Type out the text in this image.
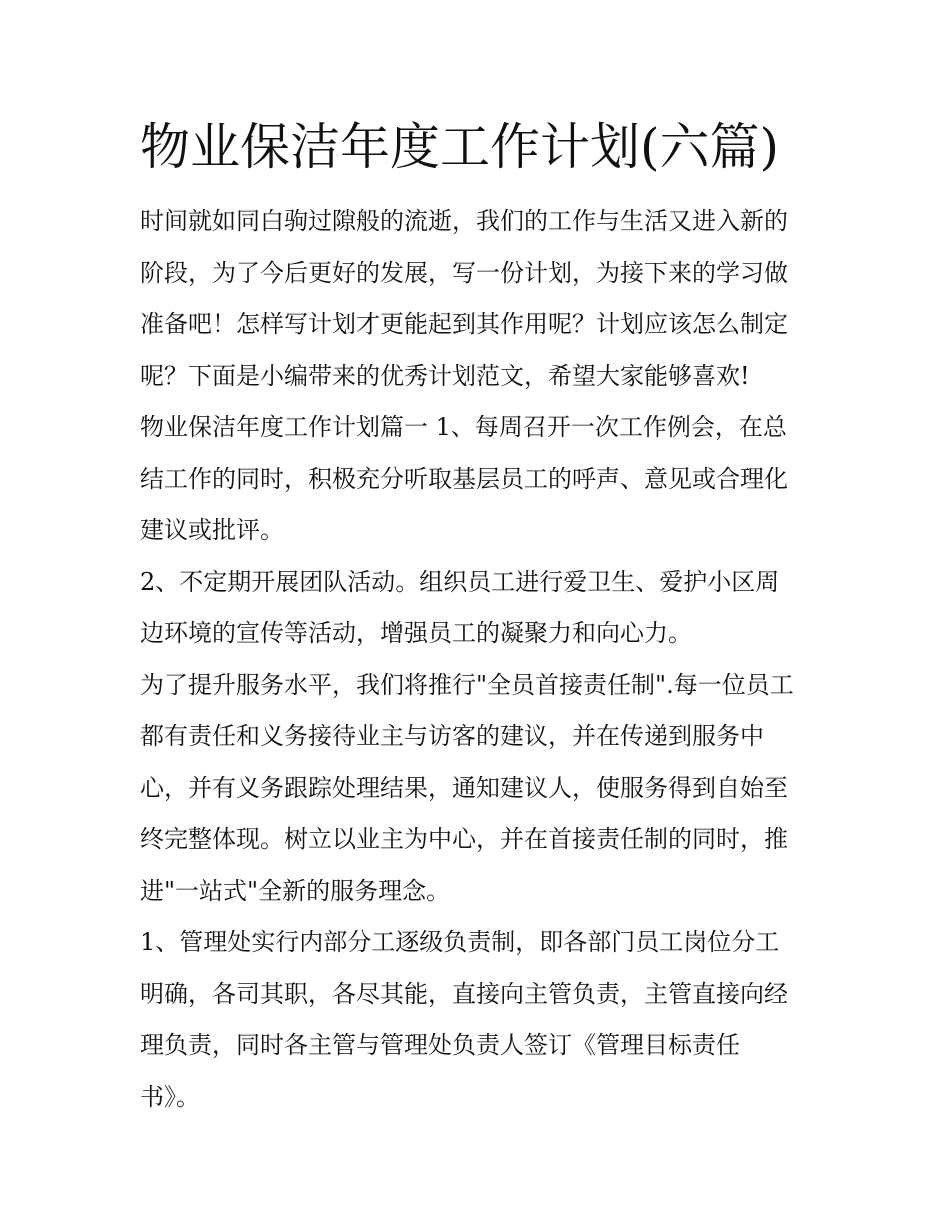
物业保洁年度工作计划(六篇)
时间就如同白驹过隙般的流逝，我们的工作与生活又进入新的
阶段，为了今后更好的发展，写一份计划，为接下来的学习做
准备吧！怎样写计划才更能起到其作用呢？计划应该怎么制定
呢？下面是小编带来的优秀计划范文，希望大家能够喜欢!
物业保洁年度工作计划篇一 1、每周召开一次工作例会，在总
结工作的同时，积极充分听取基层员工的呼声、意见或合理化
建议或批评。
2、不定期开展团队活动。组织员工进行爱卫生、爱护小区周
边环境的宣传等活动，增强员工的凝聚力和向心力。
为了提升服务水平，我们将推行"全员首接责任制".每一位员工
都有责任和义务接待业主与访客的建议，并在传递到服务中
心，并有义务跟踪处理结果，通知建议人，使服务得到自始至
终完整体现。树立以业主为中心，并在首接责任制的同时，推
进"一站式"全新的服务理念。
1、管理处实行内部分工逐级负责制，即各部门员工岗位分工
明确，各司其职，各尽其能，直接向主管负责，主管直接向经
理负责，同时各主管与管理处负责人签订《管理目标责任
书》。
